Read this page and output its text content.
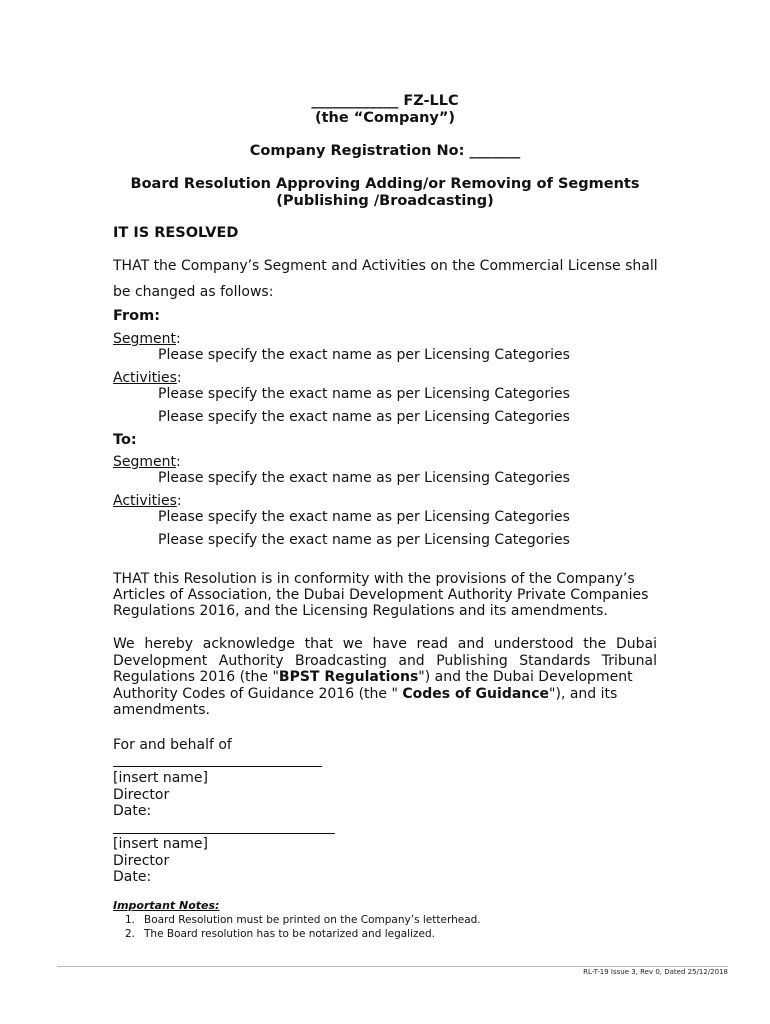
____________ FZ-LLC
(the “Company”)
Company Registration No: _______
Board Resolution Approving Adding/or Removing of Segments
(Publishing /Broadcasting)
IT IS RESOLVED
THAT the Company’s Segment and Activities on the Commercial License shall
be changed as follows:
From:
Segment:
Please specify the exact name as per Licensing Categories
Activities:
Please specify the exact name as per Licensing Categories
Please specify the exact name as per Licensing Categories
To:
Segment:
Please specify the exact name as per Licensing Categories
Activities:
Please specify the exact name as per Licensing Categories
Please specify the exact name as per Licensing Categories
THAT this Resolution is in conformity with the provisions of the Company’s
Articles of Association, the Dubai Development Authority Private Companies
Regulations 2016, and the Licensing Regulations and its amendments.
We hereby acknowledge that we have read and understood the Dubai
Development Authority Broadcasting and Publishing Standards Tribunal
Regulations 2016 (the "BPST Regulations") and the Dubai Development
Authority Codes of Guidance 2016 (the " Codes of Guidance"), and its
amendments.
For and behalf of
[insert name]
Director
Date:
[insert name]
Director
Date:
Important Notes:
1. Board Resolution must be printed on the Company’s letterhead.
2. The Board resolution has to be notarized and legalized.
RL-T-19 Issue 3, Rev 0, Dated 25/12/2018
